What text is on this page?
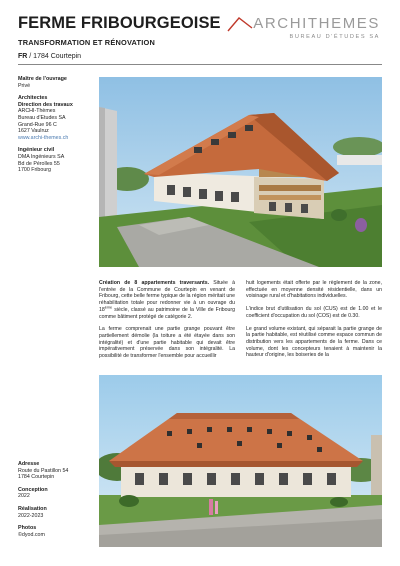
FERME FRIBOURGEOISE
TRANSFORMATION ET RÉNOVATION
FR / 1784 Courtepin
ARCHITHEMES
BUREAU D'ÉTUDES SA
Maître de l'ouvrage

Privé
Architectes
Direction des travaux
ARCHI-Thèmes
Bureau d'Etudes SA
Grand-Rue 96 C
1627 Vaulruz

www.archi-themes.ch
Ingénieur civil
DMA Ingénieurs SA
Bd de Pérolles 55
1700 Fribourg
Adresse
Route du Pastillon 54

1784 Courtepin
Conception

2022
Réalisation

2022-2023
Photos
©dyod.com

Création de 8 appartements traversants. Située à l'entrée de la Commune de Courtepin en venant de Fribourg, cette belle ferme typique de la région méritait une réhabilitation totale pour redonner vie à un ouvrage du 18ème siècle, classé au patrimoine de la Ville de Fribourg comme bâtiment protégé de catégorie 2.

La ferme comprenait une partie grange pouvant être partiellement démolie (la toiture a été étayée dans son intégralité) et d'une partie habitable qui devait être impérativement préservée dans son intégralité. La possibilité de transformer l'ensemble pour accueillir

huit logements était offerte par le règlement de la zone, effectuée en moyenne densité résidentielle, dans un voisinage rural et d'habitations individuelles.

L'indice brut d'utilisation du sol (CUS) est de 1.00 et le coefficient d'occupation du sol (COS) est de 0.30.

Le grand volume existant, qui séparait la partie grange de la partie habitable, est réutilisé comme espace commun de distribution vers les appartements de la ferme. Dans ce volume, dont les concepteurs tenaient à maintenir la hauteur d'origine, les boiseries de la
